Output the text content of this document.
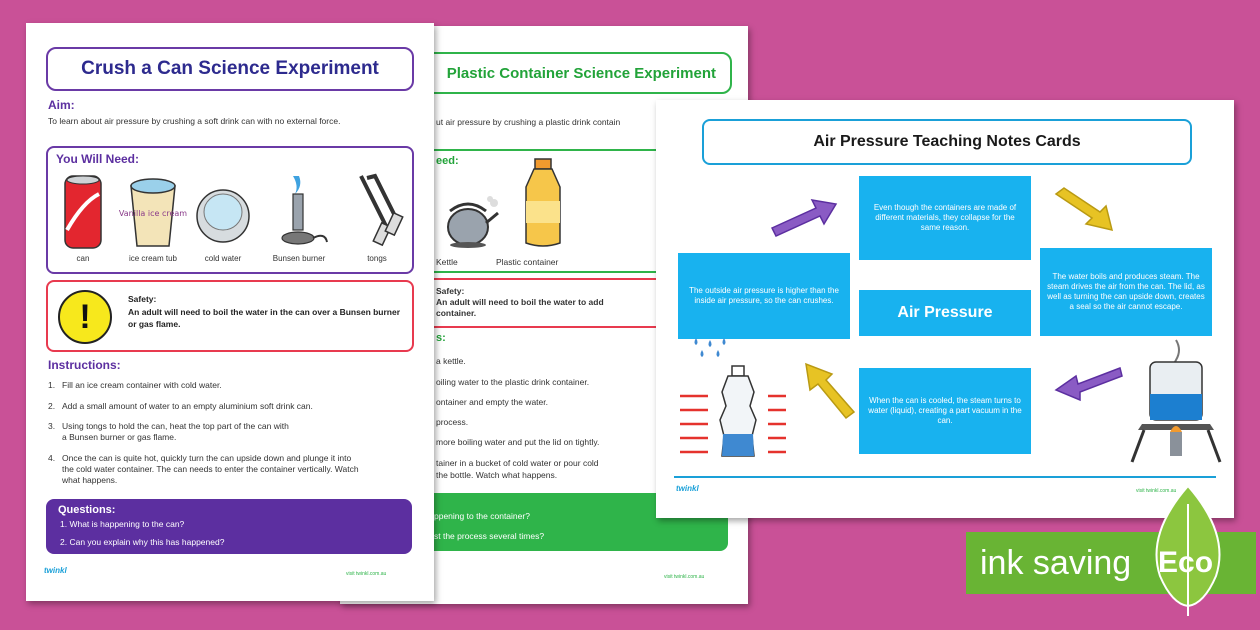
Plastic Container Science Experiment
ut air pressure by crushing a plastic drink contain
eed:
Kettle	Plastic container
Safety:
An adult will need to boil the water to add
container.
s:
a kettle.
oiling water to the plastic drink container.
ontainer and empty the water.
process.
more boiling water and put the lid on tightly.
tainer in a bucket of cold water or pour cold
the bottle. Watch what happens.
ppening to the container?
st the process several times?
visit twinkl.com.au
Crush a Can Science Experiment
Aim:
To learn about air pressure by crushing a soft drink can with no external force.
You Will Need:
can
Vanilla ice cream
ice cream tub	cold water	Bunsen burner	tongs
!	Safety:
An adult will need to boil the water in the can over a Bunsen burner or gas flame.
Instructions:
1. Fill an ice cream container with cold water.
2. Add a small amount of water to an empty aluminium soft drink can.
3. Using tongs to hold the can, heat the top part of the can with a Bunsen burner or gas flame.
4. Once the can is quite hot, quickly turn the can upside down and plunge it into the cold water container. The can needs to enter the container vertically. Watch what happens.
Questions:
1. What is happening to the can?
2. Can you explain why this has happened?
twinkl	visit twinkl.com.au
Air Pressure Teaching Notes Cards
Even though the containers are made of different materials, they collapse for the same reason.
The water boils and produces steam. The steam drives the air from the can. The lid, as well as turning the can upside down, creates a seal so the air cannot escape.
Air Pressure
The outside air pressure is higher than the inside air pressure, so the can crushes.
When the can is cooled, the steam turns to water (liquid), creating a part vacuum in the can.
twinkl	visit twinkl.com.au
ink saving Eco
